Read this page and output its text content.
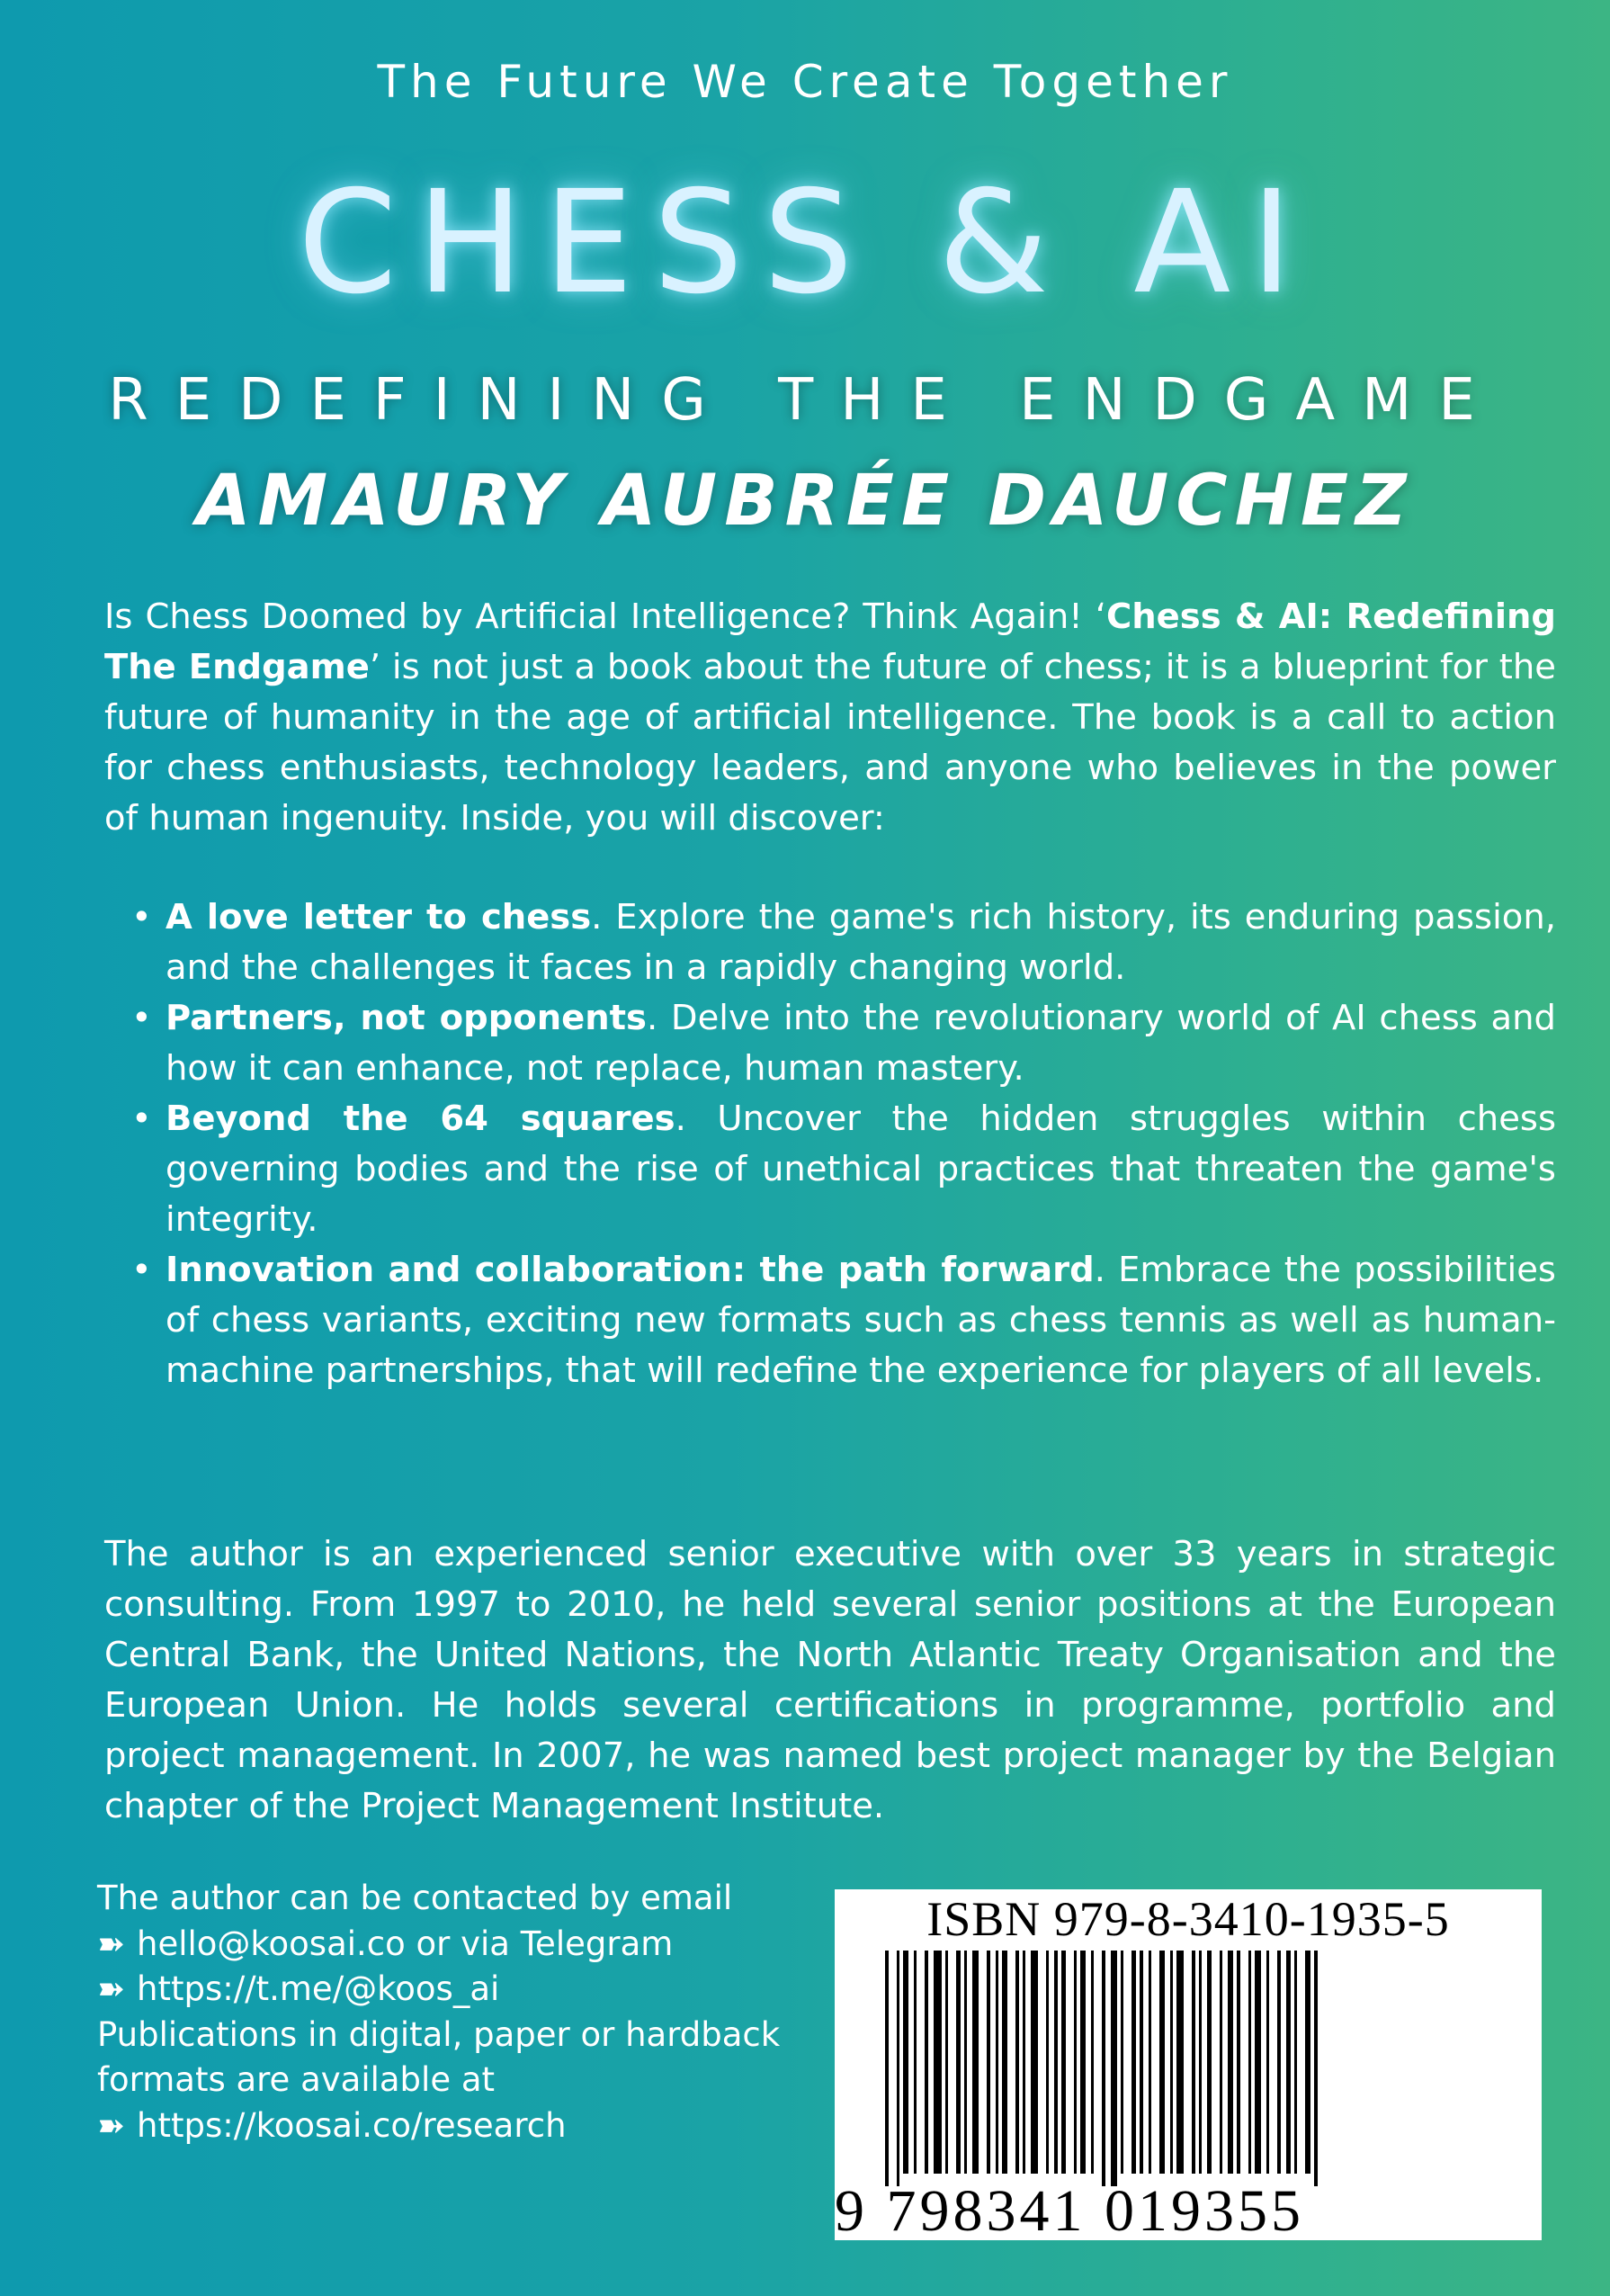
The Future We Create Together
CHESS & AI
REDEFINING THE ENDGAME
AMAURY AUBRÉE DAUCHEZ
Is Chess Doomed by Artificial Intelligence? Think Again! ‘Chess & AI: Redefining The Endgame’ is not just a book about the future of chess; it is a blueprint for the future of humanity in the age of artificial intelligence. The book is a call to action for chess enthusiasts, technology leaders, and anyone who believes in the power of human ingenuity. Inside, you will discover:
• A love letter to chess. Explore the game's rich history, its enduring passion, and the challenges it faces in a rapidly changing world.
• Partners, not opponents. Delve into the revolutionary world of AI chess and how it can enhance, not replace, human mastery.
• Beyond the 64 squares. Uncover the hidden struggles within chess governing bodies and the rise of unethical practices that threaten the game's integrity.
• Innovation and collaboration: the path forward. Embrace the possibilities of chess variants, exciting new formats such as chess tennis as well as human-machine partnerships, that will redefine the experience for players of all levels.
The author is an experienced senior executive with over 33 years in strategic consulting. From 1997 to 2010, he held several senior positions at the European Central Bank, the United Nations, the North Atlantic Treaty Organisation and the European Union. He holds several certifications in programme, portfolio and project management. In 2007, he was named best project manager by the Belgian chapter of the Project Management Institute.
The author can be contacted by email
➽ hello@koosai.co or via Telegram
➽ https://t.me/@koos_ai
Publications in digital, paper or hardback
formats are available at
➽ https://koosai.co/research
ISBN 979-8-3410-1935-5
9 798341 019355
